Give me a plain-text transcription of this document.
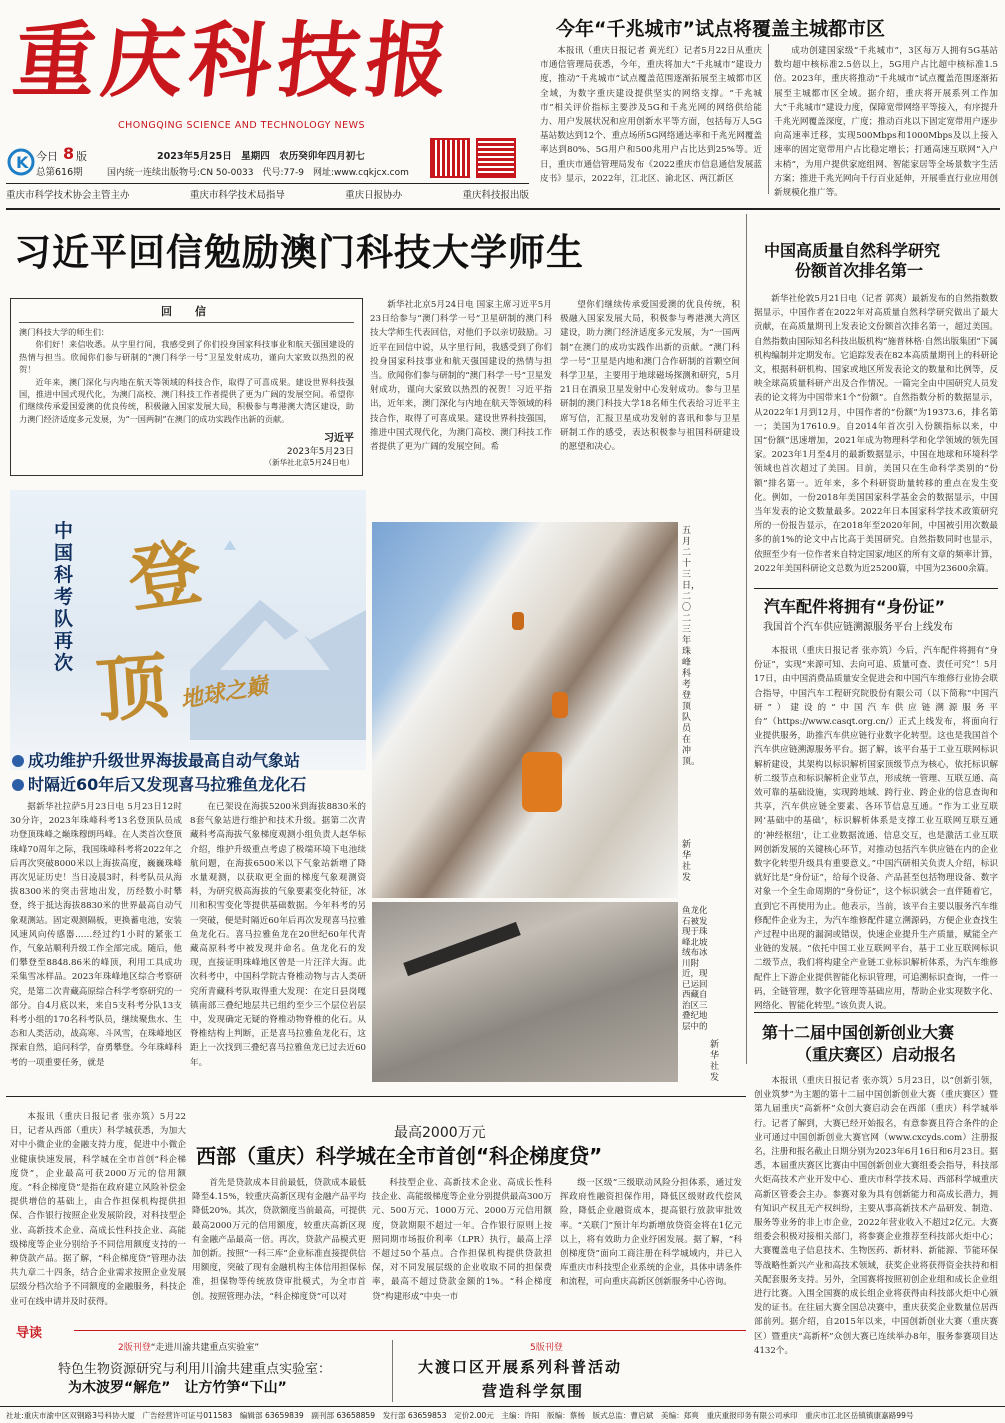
重庆科技报
CHONGQING SCIENCE AND TECHNOLOGY NEWS
K 今日 8 版
总第616期
2023年5月25日　星期四　农历癸卯年四月初七
国内统一连续出版物号:CN 50-0033　代号:77-9　网址:www.cqkjcx.com
重庆市科学技术协会主管主办	重庆市科学技术局指导	重庆日报协办	重庆科技报出版
今年“千兆城市”试点将覆盖主城都市区

本报讯（重庆日报记者 黄光红）记者5月22日从重庆市通信管理局获悉，今年，重庆将加大“千兆城市”建设力度，推动“千兆城市”试点覆盖范围逐渐拓展至主城都市区全域，为数字重庆建设提供坚实的网络支撑。“千兆城市”相关评价指标主要涉及5G和千兆光网的网络供给能力、用户发展状况和应用创新水平等方面，包括每万人5G基站数达到12个、重点场所5G网络通达率和千兆光网覆盖率达到80%、5G用户和500兆用户占比达到25%等。近日，重庆市通信管理局发布《2022重庆市信息通信发展蓝皮书》显示，2022年，江北区、渝北区、两江新区

成功创建国家级“千兆城市”，3区每万人拥有5G基站数均超中核标准2.5倍以上，5G用户占比超中核标准1.5倍。2023年，重庆将推动“千兆城市”试点覆盖范围逐渐拓展至主城都市区全域。据介绍，重庆将开展系列工作加大“千兆城市”建设力度，保障宽带网络平等接入，有序提升千兆光网覆盖深度，广度；推动百兆以下固定宽带用户逐步向高速率迁移，实现500Mbps和1000Mbps及以上接入速率的固定宽带用户占比稳定增长；打通高速互联网“入户末梢”，为用户提供家庭组网、智能家居等全场景数字生活方案；推进千兆光网向千行百业延伸，开展垂直行业应用创新规模化推广等。

习近平回信勉励澳门科技大学师生
回　信
澳门科技大学的师生们：

你们好！来信收悉。从字里行间，我感受到了你们投身国家科技事业和航天强国建设的热情与担当。欣闻你们参与研制的“澳门科学一号”卫星发射成功，谨向大家致以热烈的祝贺！

近年来，澳门深化与内地在航天等领域的科技合作，取得了可喜成果。建设世界科技强国，推进中国式现代化，为澳门高校、澳门科技工作者提供了更为广阔的发展空间。希望你们继续传承爱国爱澳的优良传统，积极融入国家发展大局，积极参与粤港澳大湾区建设，助力澳门经济适度多元发展，为“一国两制”在澳门的成功实践作出新的贡献。

习近平
2023年5月23日
（新华社北京5月24日电）

新华社北京5月24日电 国家主席习近平5月23日给参与“澳门科学一号”卫星研制的澳门科技大学师生代表回信，对他们予以亲切鼓励。习近平在回信中说，从字里行间，我感受到了你们投身国家科技事业和航天强国建设的热情与担当。欣闻你们参与研制的“澳门科学一号”卫星发射成功，谨向大家致以热烈的祝贺！习近平指出，近年来，澳门深化与内地在航天等领域的科技合作，取得了可喜成果。建设世界科技强国，推进中国式现代化，为澳门高校、澳门科技工作者提供了更为广阔的发展空间。希

望你们继续传承爱国爱澳的优良传统，积极融入国家发展大局，积极参与粤港澳大湾区建设，助力澳门经济适度多元发展，为“一国两制”在澳门的成功实践作出新的贡献。“澳门科学一号”卫星是内地和澳门合作研制的首颗空间科学卫星，主要用于地球磁场探测和研究，5月21日在酒泉卫星发射中心发射成功。参与卫星研制的澳门科技大学18名师生代表给习近平主席写信，汇报卫星成功发射的喜讯和参与卫星研制工作的感受，表达积极参与祖国科研建设的愿望和决心。

中国科考队再次
登
顶 地球之巅
成功维护升级世界海拔最高自动气象站
时隔近60年后又发现喜马拉雅鱼龙化石
五月二十三日，二〇二三年珠峰科考登顶队员在冲顶。
新华社发
鱼龙化石被发现于珠峰北坡绒布冰川附近，现已运回西藏自治区三叠纪地层中的
新华社发

据新华社拉萨5月23日电 5月23日12时30分许，2023年珠峰科考13名登顶队员成功登顶珠峰之巅珠穆朗玛峰。在人类首次登顶珠峰70周年之际，我国珠峰科考将2022年之后再次突破8000米以上海拔高度，巍巍珠峰再次见证历史！当日凌晨3时，科考队员从海拔8300米的突击营地出发，历经数小时攀登，终于抵达海拔8830米的世界最高自动气象观测站。固定观测隔板，更换蓄电池，安装风速风向传感器……经过约1小时的紧张工作，气象站顺利升级工作全部完成。随后，他们攀登至8848.86米的峰顶，利用工具成功采集雪冰样品。2023年珠峰地区综合考察研究，是第二次青藏高原综合科学考察研究的一部分。自4月底以来，来自5支科考分队13支科考小组的170名科考队员，继续聚焦水、生态和人类活动，战高寒、斗风雪，在珠峰地区探索自然，追问科学，奋勇攀登。今年珠峰科考的一项重要任务，就是

在已架设在海拔5200米到海拔8830米的8套气象站进行维护和技术升级。据第二次青藏科考高海拔气象梯度观测小组负责人赵华标介绍，维护升级重点考虑了极端环境下电池续航问题，在海拔6500米以下气象站新增了降水量观测，以获取更全面的梯度气象观测资料，为研究极高海拔的气象要素变化特征，冰川和积雪变化等提供基础数据。今年科考的另一突破，便是时隔近60年后再次发现喜马拉雅鱼龙化石。喜马拉雅鱼龙在20世纪60年代青藏高原科考中被发现并命名。鱼龙化石的发现，直接证明珠峰地区曾是一片汪洋大海。此次科考中，中国科学院古脊椎动物与古人类研究所青藏科考队取得重大发现：在定日县岗嘎镇南部三叠纪地层共已组约至少三个层位岩层中，发现确定无疑的脊椎动物脊椎的化石。从脊椎结构上判断，正是喜马拉雅鱼龙化石，这距上一次找到三叠纪喜马拉雅鱼龙已过去近60年。

中国高质量自然科学研究
份额首次排名第一

新华社伦敦5月21日电（记者 郭爽）最新发布的自然指数数据显示，中国作者在2022年对高质量自然科学研究做出了最大贡献，在高质量期刊上发表论文份额首次排名第一，超过美国。自然指数由国际知名科技出版机构“施普林格·自然出版集团”下属机构编制并定期发布。它追踪发表在82本高质量期刊上的科研论文，根据科研机构、国家或地区所发表论文的数量和比例等，反映全球高质量科研产出及合作情况。一篇完全由中国研究人员发表的论文将为中国带来1个“份额”。自然指数分析的数据显示，从2022年1月到12月，中国作者的“份额”为19373.6，排名第一；美国为17610.9。自2014年首次引入份额指标以来，中国“份额”迅速增加，2021年成为物理科学和化学领域的领先国家。2023年1月至4月的最新数据显示，中国在地球和环境科学领域也首次超过了美国。目前，美国只在生命科学类别的“份额”排名第一。近年来，多个科研资助量转移的重点在发生变化。例如，一份2018年美国国家科学基金会的数据显示，中国当年发表的论文数量最多。2022年日本国家科学技术政策研究所的一份报告显示，在2018年至2020年间，中国被引用次数最多的前1%的论文中占比高于美国研究。自然指数同时也显示，依照至少有一位作者来自特定国家/地区的所有文章的频率计算，2022年美国科研论文总数为近25200篇，中国为23600余篇。

汽车配件将拥有“身份证”
我国首个汽车供应链溯源服务平台上线发布

本报讯（重庆日报记者 张亦筑）今后，汽车配件将拥有“身份证”，实现“来源可知、去向可追、质量可查、责任可究”！5月17日，由中国消费品质量安全促进会和中国汽车维修行业协会联合指导，中国汽车工程研究院股份有限公司（以下简称“中国汽研”）建设的“中国汽车供应链溯源服务平台”（https://www.casqt.org.cn/）正式上线发布，将面向行业提供服务，助推汽车供应链行业数字化转型。这也是我国首个汽车供应链溯源服务平台。据了解，该平台基于工业互联网标识解析建设，其架构以标识解析国家顶级节点为核心，依托标识解析二级节点和标识解析企业节点，形成统一管理、互联互通、高效可靠的基础设施，实现跨地域、跨行业、跨企业的信息查询和共享，汽车供应链全要素、各环节信息互通。“作为工业互联网‘基础中的基础’，标识解析体系是支撑工业互联网互联互通的‘神经枢纽’，让工业数据流通、信息交互，也是激活工业互联网创新发展的关键核心环节，对推动包括汽车供应链在内的企业数字化转型升级具有重要意义。”中国汽研相关负责人介绍，标识就好比是“身份证”，给每个设备、产品甚至包括物理设备、数字对象一个全生命周期的“身份证”，这个标识就会一直伴随着它，直到它不再使用为止。他表示，当前，该平台主要以服务汽车维修配件企业为主，为汽车维修配件建立溯源码，方便企业查找生产过程中出现的漏洞或错误，快速企业提升生产质量，赋能全产业链的发展。“依托中国工业互联网平台，基于工业互联网标识二级节点，我们将构建全产业链工业标识解析体系，为汽车维修配件上下游企业提供智能化标识管理，可追溯标识查询，一件一码，全链管理，数字化管理等基础应用，帮助企业实现数字化、网络化、智能化转型。”该负责人说。

第十二届中国创新创业大赛
（重庆赛区）启动报名

本报讯（重庆日报记者 张亦筑）5月23日，以“创新引领，创业筑梦”为主题的第十二届中国创新创业大赛（重庆赛区）暨第九届重庆“高新杯”众创大赛启动会在西部（重庆）科学城举行。记者了解到，大赛已经开始报名，有意参赛且符合条件的企业可通过中国创新创业大赛官网（www.cxcyds.com）注册报名，注册和报名截止日期分别为2023年6月16日和6月23日。据悉，本届重庆赛区比赛由中国创新创业大赛组委会指导，科技部火炬高技术产业开发中心、重庆市科学技术局、西部科学城重庆高新区管委会主办。参赛对象为具有创新能力和高成长潜力，拥有知识产权且无产权纠纷，主要从事高新技术产品研发、制造、服务等业务的非上市企业，2022年营业收入不超过2亿元。大赛组委会积极对接相关部门，将参赛企业推荐至科技部火炬中心；大赛覆盖电子信息技术、生物医药、新材料、新能源、节能环保等战略性新兴产业和高技术领域，获奖企业将获得资金扶持和相关配套服务支持。另外，全国赛将按照初创企业组和成长企业组进行比赛。入围全国赛的成长组企业将获得由科技部火炬中心颁发的证书。在往届大赛全国总决赛中，重庆获奖企业数量位居西部前列。据介绍，自2015年以来，中国创新创业大赛（重庆赛区）暨重庆“高新杯”众创大赛已连续举办8年，服务参赛项目达4132个。

最高2000万元
西部（重庆）科学城在全市首创“科企梯度贷”

本报讯（重庆日报记者 张亦筑）5月22日，记者从西部（重庆）科学城获悉，为加大对中小微企业的金融支持力度，促进中小微企业健康快速发展，科学城在全市首创“科企梯度贷”，企业最高可获2000万元的信用额度。“科企梯度贷”是指在政府建立风险补偿金提供增信的基础上，由合作担保机构提供担保、合作银行按照企业发展阶段，对科技型企业、高新技术企业、高成长性科技企业、高能级梯度等企业分别给予不同信用额度支持的一种贷款产品。据了解，“科企梯度贷”管理办法共九章二十四条，结合企业需求按照企业发展层级分档次给予不同额度的金融服务，科技企业可在线申请并及时获得。

首先是贷款成本目前最低，贷款成本最低降至4.15%，较重庆高新区现有金融产品平均降低20%。其次，贷款额度当前最高，可提供最高2000万元的信用额度，较重庆高新区现有金融产品最高一倍。再次，贷款产品模式更加创新。按照“一科三库”企业标准直接提供信用额度，突破了现有金融机构主体信用担保标准，担保物等传统放贷审批模式，为全市首创。按照管理办法，“科企梯度贷”可以对

科技型企业、高新技术企业、高成长性科技企业、高能级梯度等企业分别提供最高300万元、500万元、1000万元、2000万元信用额度，贷款期限不超过一年。合作银行原则上按照同期市场报价利率（LPR）执行，最高上浮不超过50个基点。合作担保机构提供贷款担保，对不同发展层级的企业收取不同的担保费率，最高不超过贷款金额的1%。“科企梯度贷”构建形成“中央一市

级一区级”三级联动风险分担体系，通过发挥政府性融资担保作用，降低区级财政代偿风险，降低企业融资成本，提高银行放款审批效率。“关联门”预计年均新增放贷资金将在1亿元以上，将有效助力企业纾困发展。据了解，“科创梯度贷”面向工商注册在科学城域内，并已入库重庆市科技型企业系统的企业，具体申请条件和流程，可向重庆高新区创新服务中心咨询。

导读
2版刊登“走进川渝共建重点实验室”
特色生物资源研究与利用川渝共建重点实验室：
为木波罗“解危”　让方竹笋“下山”
5版刊登
大渡口区开展系列科普活动
营造科学氛围
社址:重庆市渝中区双钢路3号科协大厦　广告经营许可证号011583　编辑部 63659839　副刊部 63658859　发行部 63659853　定价2.00元　主编：许阳　版编：蔡杨　版式总监：曹启斌　美编：郑爽　重庆重报印务有限公司承印　重庆市江北区岳镇镇康嘉路99号
